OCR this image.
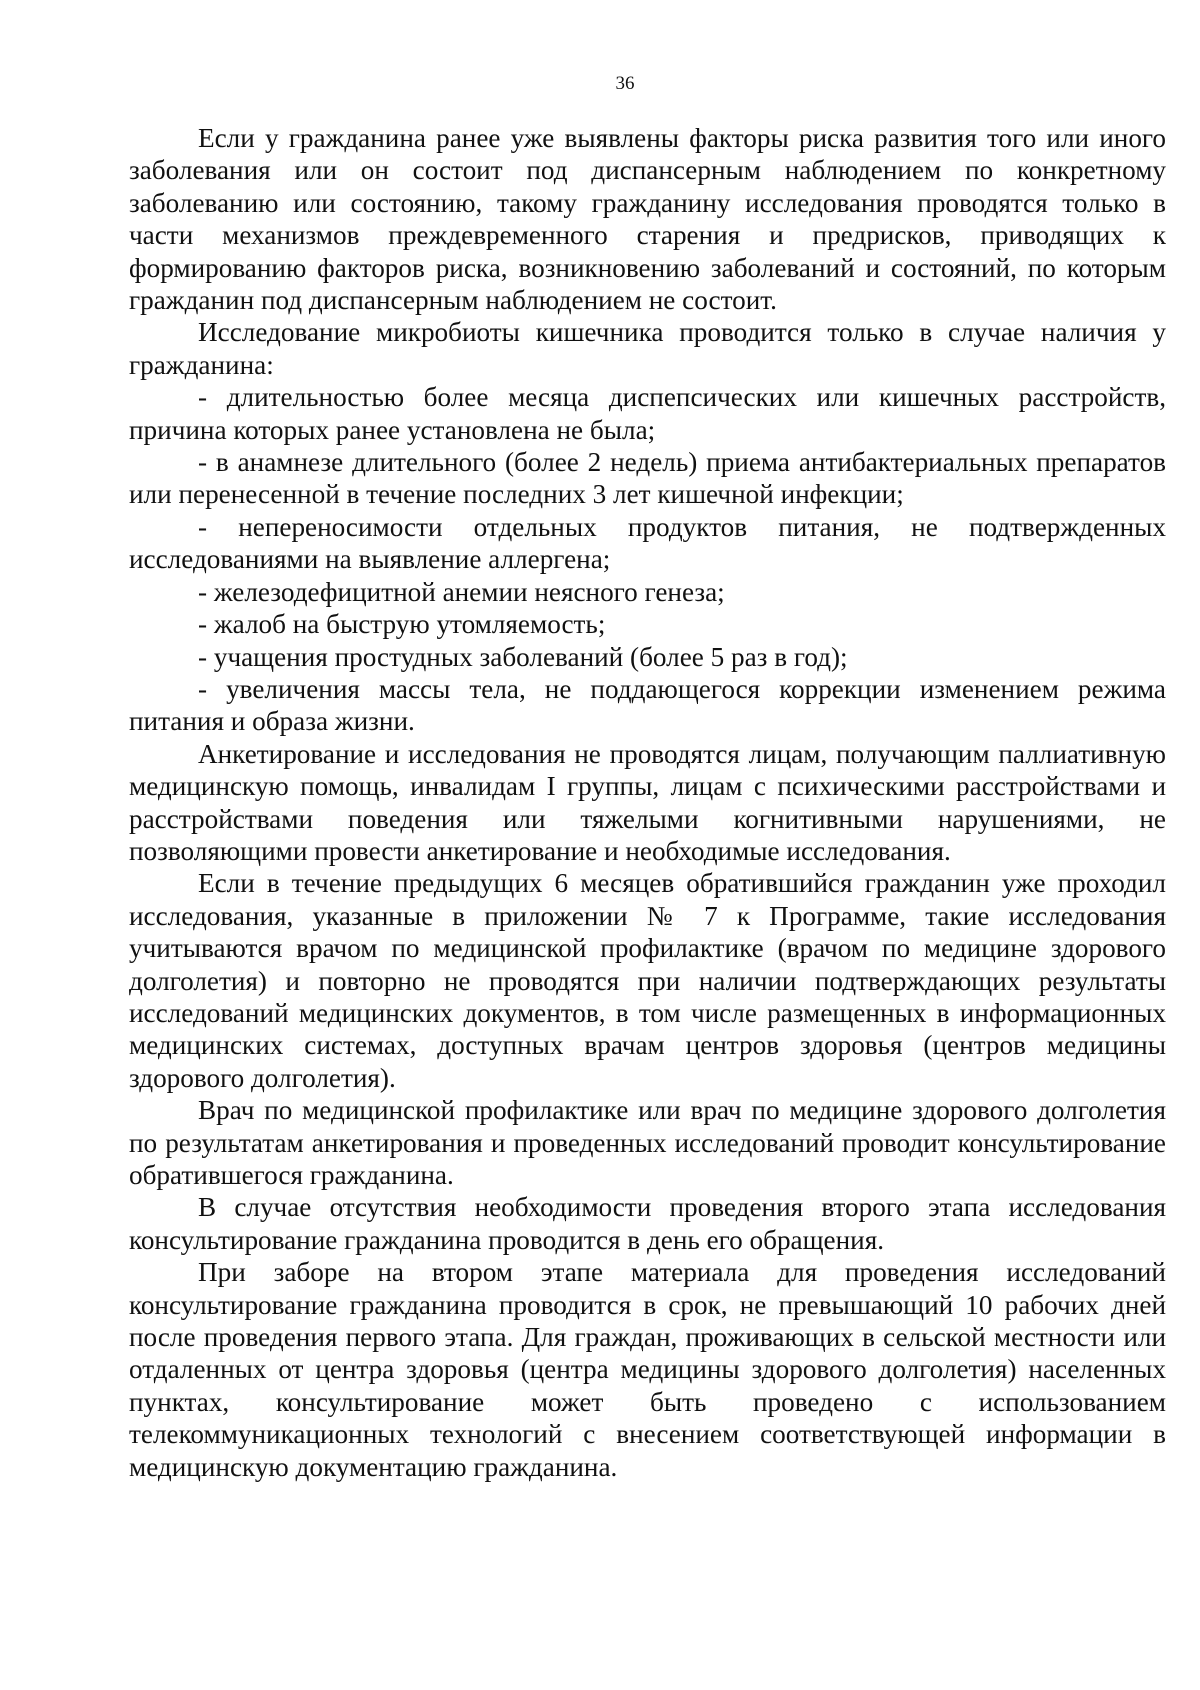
36

Если у гражданина ранее уже выявлены факторы риска развития того или иного заболевания или он состоит под диспансерным наблюдением по конкретному заболеванию или состоянию, такому гражданину исследования проводятся только в части механизмов преждевременного старения и предрисков, приводящих к формированию факторов риска, возникновению заболеваний и состояний, по которым гражданин под диспансерным наблюдением не состоит.

Исследование микробиоты кишечника проводится только в случае наличия у гражданина:

- длительностью более месяца диспепсических или кишечных расстройств, причина которых ранее установлена не была;

- в анамнезе длительного (более 2 недель) приема антибактериальных препаратов или перенесенной в течение последних 3 лет кишечной инфекции;

- непереносимости отдельных продуктов питания, не подтвержденных исследованиями на выявление аллергена;

- железодефицитной анемии неясного генеза;

- жалоб на быструю утомляемость;

- учащения простудных заболеваний (более 5 раз в год);

- увеличения массы тела, не поддающегося коррекции изменением режима питания и образа жизни.

Анкетирование и исследования не проводятся лицам, получающим паллиативную медицинскую помощь, инвалидам I группы, лицам с психическими расстройствами и расстройствами поведения или тяжелыми когнитивными нарушениями, не позволяющими провести анкетирование и необходимые исследования.

Если в течение предыдущих 6 месяцев обратившийся гражданин уже проходил исследования, указанные в приложении № 7 к Программе, такие исследования учитываются врачом по медицинской профилактике (врачом по медицине здорового долголетия) и повторно не проводятся при наличии подтверждающих результаты исследований медицинских документов, в том числе размещенных в информационных медицинских системах, доступных врачам центров здоровья (центров медицины здорового долголетия).

Врач по медицинской профилактике или врач по медицине здорового долголетия по результатам анкетирования и проведенных исследований проводит консультирование обратившегося гражданина.

В случае отсутствия необходимости проведения второго этапа исследования консультирование гражданина проводится в день его обращения.

При заборе на втором этапе материала для проведения исследований консультирование гражданина проводится в срок, не превышающий 10 рабочих дней после проведения первого этапа. Для граждан, проживающих в сельской местности или отдаленных от центра здоровья (центра медицины здорового долголетия) населенных пунктах, консультирование может быть проведено с использованием телекоммуникационных технологий с внесением соответствующей информации в медицинскую документацию гражданина.
